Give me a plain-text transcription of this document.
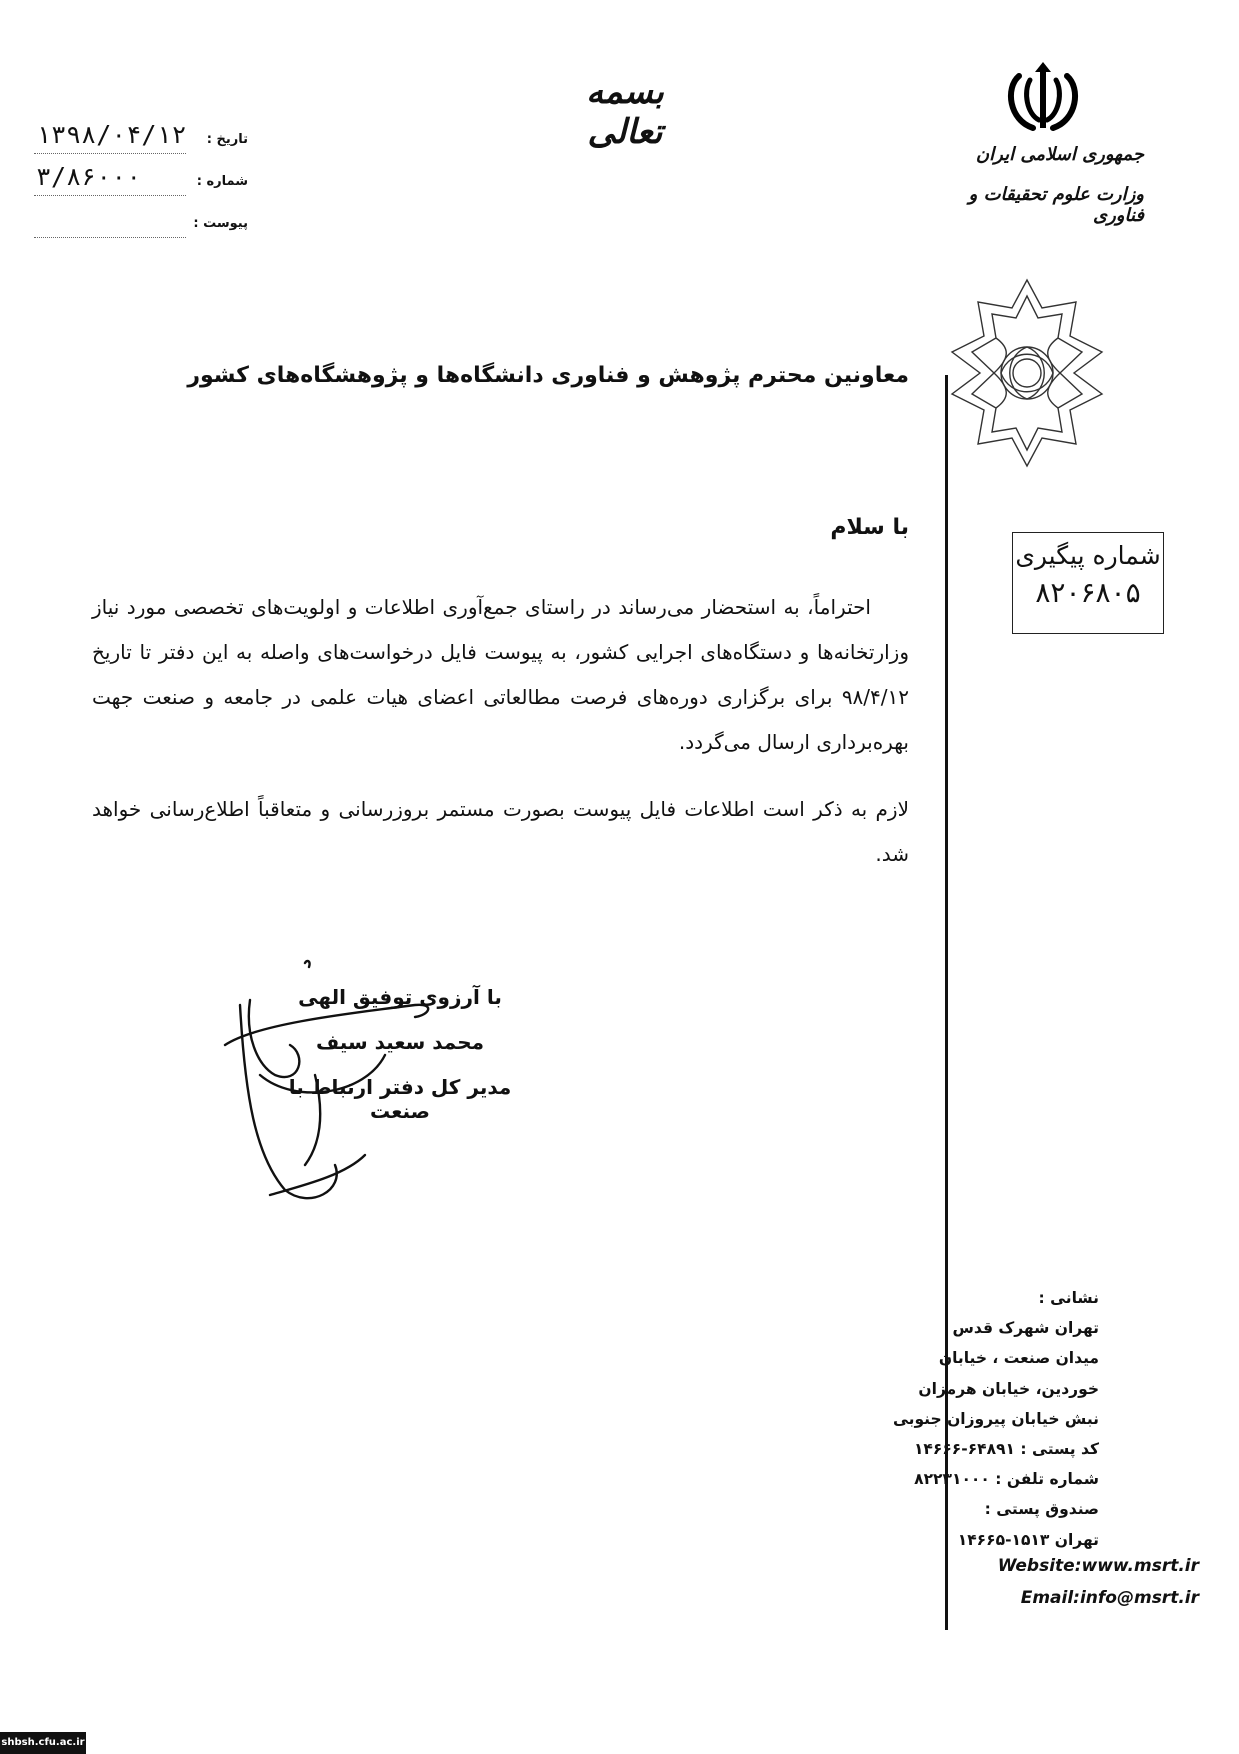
بسمه تعالی
جمهوری اسلامی ایران
وزارت علوم تحقیقات و فناوری
تاریخ :
۱۳۹۸/۰۴/۱۲
شماره :
۳/۸۶۰۰۰
پیوست :
شماره پیگیری
۸۲۰۶۸۰۵
معاونین محترم پژوهش و فناوری دانشگاه‌ها و پژوهشگاه‌های کشور
با سلام
احتراماً، به استحضار می‌رساند در راستای جمع‌آوری اطلاعات و اولویت‌های تخصصی مورد نیاز وزارتخانه‌ها و دستگاه‌های اجرایی کشور، به پیوست فایل درخواست‌های واصله به این دفتر تا تاریخ ۹۸/۴/۱۲ برای برگزاری دوره‌های فرصت مطالعاتی اعضای هیات علمی در جامعه و صنعت جهت بهره‌برداری ارسال می‌گردد.
لازم به ذکر است اطلاعات فایل پیوست بصورت مستمر بروزرسانی و متعاقباً اطلاع‌رسانی خواهد شد.
با آرزوی توفیق الهی
محمد سعید سیف
مدیر کل دفتر ارتباط با صنعت
نشانی :
تهران شهرک قدس
میدان صنعت ، خیابان
خوردین، خیابان هرمزان
نبش خیابان پیروزان جنوبی
کد پستی : ۶۴۸۹۱-۱۴۶۶۶
شماره تلفن : ۸۲۲۳۱۰۰۰
صندوق پستی :
تهران ۱۵۱۳-۱۴۶۶۵
Website:www.msrt.ir
Email:info@msrt.ir
shbsh.cfu.ac.ir
